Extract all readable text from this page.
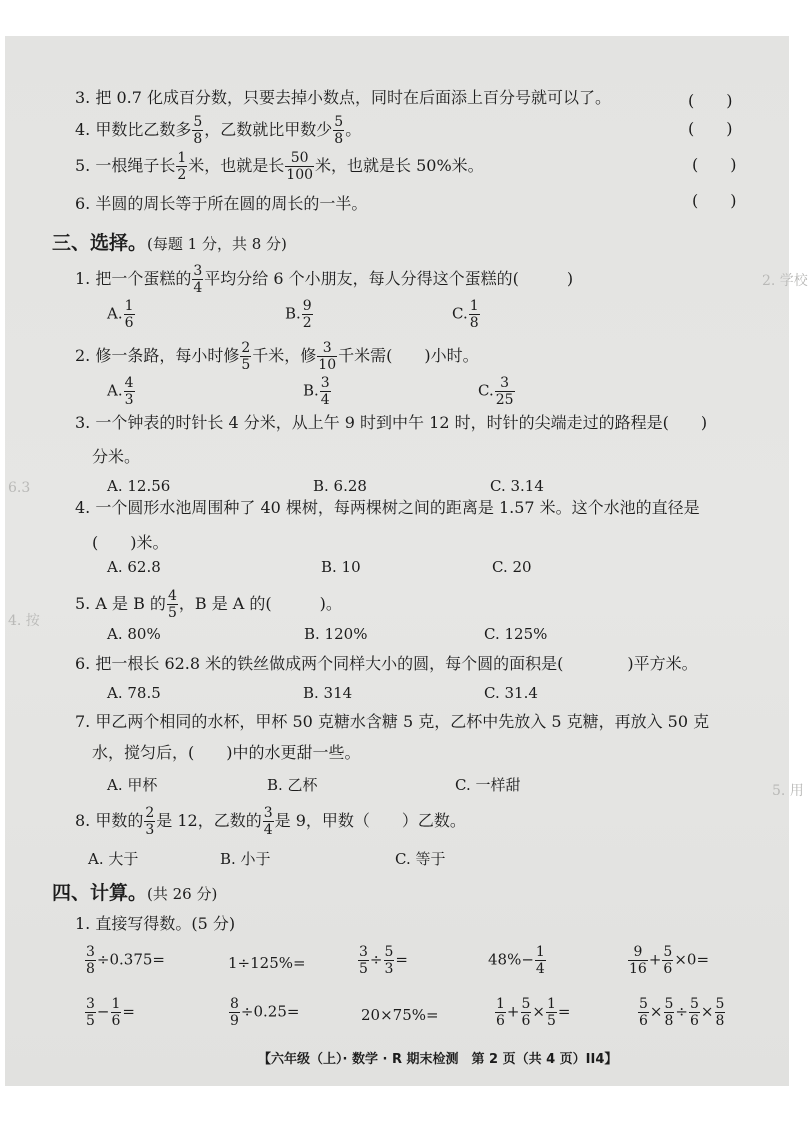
6.3
2. 学校
4. 按
5. 用
3. 把 0.7 化成百分数，只要去掉小数点，同时在后面添上百分号就可以了。	(　　)
4. 甲数比乙数多 $\frac{5}{8}$ ，乙数就比甲数少 $\frac{5}{8}$ 。	(　　)
5. 一根绳子长 $\frac{1}{2}$ 米，也就是长 $\frac{50}{100}$ 米，也就是长 50%米。	(　　)
6. 半圆的周长等于所在圆的周长的一半。	(　　)
三、选择。(每题 1 分，共 8 分)
1. 把一个蛋糕的 $\frac{3}{4}$ 平均分给 6 个小朋友，每人分得这个蛋糕的(　　　)
A. $\frac{1}{6}$	B. $\frac{9}{2}$	C. $\frac{1}{8}$
2. 修一条路，每小时修 $\frac{2}{5}$ 千米，修 $\frac{3}{10}$ 千米需(　　)小时。
A. $\frac{4}{3}$	B. $\frac{3}{4}$	C. $\frac{3}{25}$
3. 一个钟表的时针长 4 分米，从上午 9 时到中午 12 时，时针的尖端走过的路程是(　　)
分米。
A. 12.56	B. 6.28	C. 3.14
4. 一个圆形水池周围种了 40 棵树，每两棵树之间的距离是 1.57 米。这个水池的直径是
(　　)米。
A. 62.8	B. 10	C. 20
5. A 是 B 的 $\frac{4}{5}$ ，B 是 A 的(　　　)。
A. 80%	B. 120%	C. 125%
6. 把一根长 62.8 米的铁丝做成两个同样大小的圆，每个圆的面积是(　　　　)平方米。
A. 78.5	B. 314	C. 31.4
7. 甲乙两个相同的水杯，甲杯 50 克糖水含糖 5 克，乙杯中先放入 5 克糖，再放入 50 克
水，搅匀后，(　　)中的水更甜一些。
A. 甲杯	B. 乙杯	C. 一样甜
8. 甲数的 $\frac{2}{3}$ 是 12，乙数的 $\frac{3}{4}$ 是 9，甲数（　　）乙数。
A. 大于	B. 小于	C. 等于
四、计算。(共 26 分)
1. 直接写得数。(5 分)
$\frac{3}{8} \div 0.375=$	1÷125%=	$\frac{3}{5} \div \frac{5}{3}$ =	$48\%- \frac{1}{4}$	$\frac{9}{16} + \frac{5}{6} \times 0=$
$\frac{3}{5} - \frac{1}{6}$ =	$\frac{8}{9} \div 0.25=$	20×75%=	$\frac{1}{6} + \frac{5}{6} \times \frac{1}{5}$ =	$\frac{5}{6} \times \frac{5}{8} \div \frac{5}{6} \times \frac{5}{8}$
【六年级（上）· 数学 · R 期末检测　第 2 页（共 4 页）II4】
